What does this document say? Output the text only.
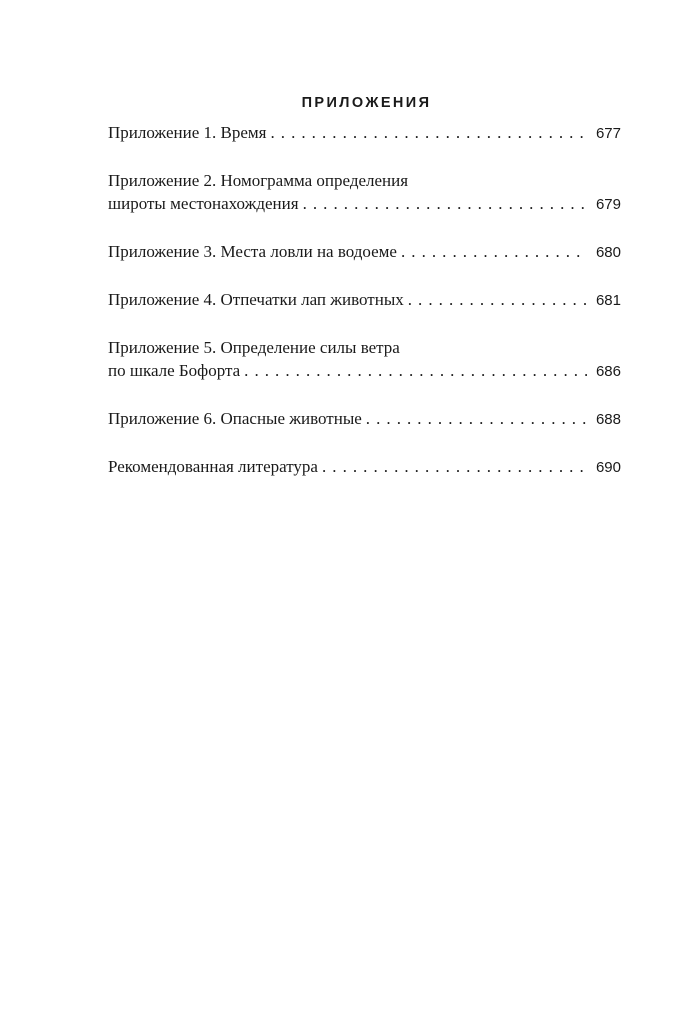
ПРИЛОЖЕНИЯ
Приложение 1. Время . . .	677
Приложение 2. Номограмма определения
широты местонахождения . . .	679
Приложение 3. Места ловли на водоеме . . .	680
Приложение 4. Отпечатки лап животных . . .	681
Приложение 5. Определение силы ветра
по шкале Бофорта . . .	686
Приложение 6. Опасные животные . . .	688
Рекомендованная литература . . .	690
